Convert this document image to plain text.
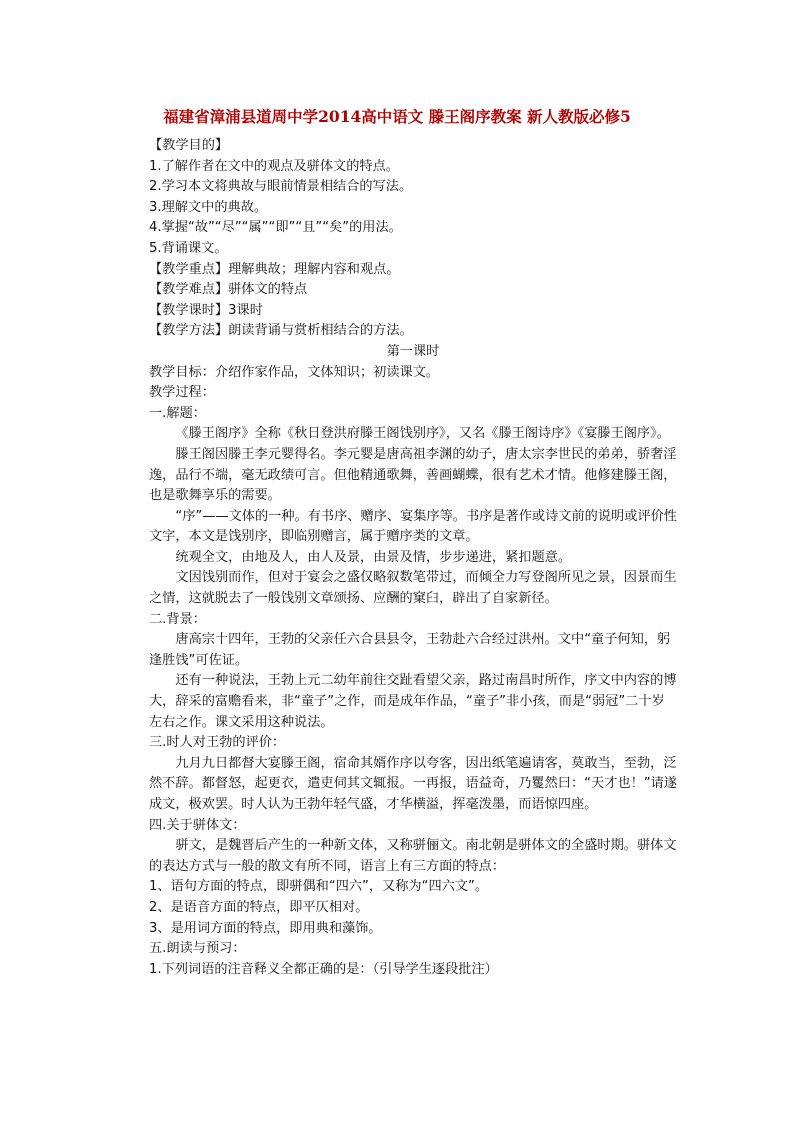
福建省漳浦县道周中学2014高中语文 滕王阁序教案 新人教版必修5

【教学目的】

1.了解作者在文中的观点及骈体文的特点。

2.学习本文将典故与眼前情景相结合的写法。

3.理解文中的典故。

4.掌握“故”“尽”“属”“即”“且”“矣”的用法。

5.背诵课文。

【教学重点】理解典故；理解内容和观点。

【教学难点】骈体文的特点

【教学课时】3课时

【教学方法】朗读背诵与赏析相结合的方法。

第一课时

教学目标：介绍作家作品，文体知识；初读课文。

教学过程：

一.解题：

《滕王阁序》全称《秋日登洪府滕王阁饯别序》，又名《滕王阁诗序》《宴滕王阁序》。

滕王阁因滕王李元婴得名。李元婴是唐高祖李渊的幼子，唐太宗李世民的弟弟，骄奢淫逸，品行不端，毫无政绩可言。但他精通歌舞，善画蝴蝶，很有艺术才情。他修建滕王阁，也是歌舞享乐的需要。

“序”——文体的一种。有书序、赠序、宴集序等。书序是著作或诗文前的说明或评价性文字，本文是饯别序，即临别赠言，属于赠序类的文章。

统观全文，由地及人，由人及景，由景及情，步步递进，紧扣题意。

文因饯别而作，但对于宴会之盛仅略叙数笔带过，而倾全力写登阁所见之景，因景而生之情，这就脱去了一般饯别文章颂扬、应酬的窠臼，辟出了自家新径。

二.背景：

唐高宗十四年，王勃的父亲任六合县县令，王勃赴六合经过洪州。文中“童子何知，躬逢胜饯”可佐证。

还有一种说法，王勃上元二幼年前往交趾看望父亲，路过南昌时所作，序文中内容的博大，辞采的富赡看来，非“童子”之作，而是成年作品，“童子”非小孩，而是“弱冠”二十岁左右之作。课文采用这种说法。

三.时人对王勃的评价：

九月九日都督大宴滕王阁，宿命其婿作序以夸客，因出纸笔遍请客，莫敢当，至勃，泛然不辞。都督怒，起更衣，遣吏伺其文辄报。一再报，语益奇，乃矍然曰：“天才也！”请遂成文，极欢罢。时人认为王勃年轻气盛，才华横溢，挥毫泼墨，而语惊四座。

四.关于骈体文：

骈文，是魏晋后产生的一种新文体，又称骈俪文。南北朝是骈体文的全盛时期。骈体文的表达方式与一般的散文有所不同，语言上有三方面的特点：

1、语句方面的特点，即骈偶和“四六”，又称为“四六文”。

2、是语音方面的特点，即平仄相对。

3、是用词方面的特点，即用典和藻饰。

五.朗读与预习：

1.下列词语的注音释义全都正确的是：（引导学生逐段批注）
